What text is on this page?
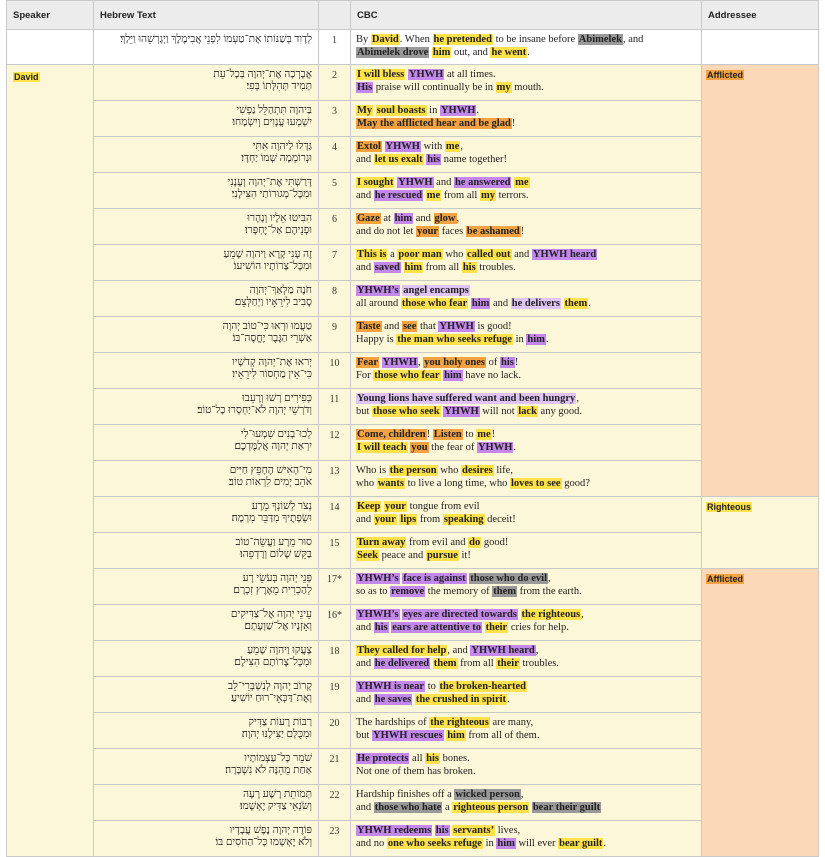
Speaker	Hebrew Text		CBC	Addressee

	לְדָוִד בְּשַׁנּוֹתוֹ אֶת־טַעְמוֹ לִפְנֵי אֲבִימֶלֶךְ וַיְגָרְשֵׁהוּ וַיֵּלַךְ׃	1	By David. When he pretended to be insane before Abimelek, and
Abimelek drove him out, and he went.	

David	אֲבָרְכָה אֶת־יְהוָה בְּכָל־עֵת
תָּמִיד תְּהִלָּתוֹ בְּפִי׃	2	I will bless YHWH at all times.
His praise will continually be in my mouth.	Afflicted

	בַּיהוָה תִּתְהַלֵּל נַפְשִׁי
יִשְׁמְעוּ עֲנָוִים וְיִשְׂמָחוּ׃	3	My soul boasts in YHWH.
May the afflicted hear and be glad!	

	גַּדְּלוּ לַיהוָה אִתִּי
וּנְרוֹמְמָה שְׁמוֹ יַחְדָּו׃	4	Extol YHWH with me,
and let us exalt his name together!	

	דָּרַשְׁתִּי אֶת־יְהוָה וְעָנָנִי
וּמִכָּל־מְגוּרוֹתַי הִצִּילָנִי׃	5	I sought YHWH and he answered me
and he rescued me from all my terrors.	

	הִבִּיטוּ אֵלָיו וְנָהָרוּ
וּפְנֵיהֶם אַל־יֶחְפָּרוּ׃	6	Gaze at him and glow,
and do not let your faces be ashamed!	

	זֶה עָנִי קָרָא וַיהוָה שָׁמֵעַ
וּמִכָּל־צָרוֹתָיו הוֹשִׁיעוֹ׃	7	This is a poor man who called out and YHWH heard
and saved him from all his troubles.	

	חֹנֶה מַלְאַךְ־יְהוָה
סָבִיב לִירֵאָיו וַיְחַלְּצֵם׃	8	YHWH’s angel encamps
all around those who fear him and he delivers them.	

	טַעֲמוּ וּרְאוּ כִּי־טוֹב יְהוָה
אַשְׁרֵי הַגֶּבֶר יֶחֱסֶה־בּוֹ׃	9	Taste and see that YHWH is good!
Happy is the man who seeks refuge in him.	

	יְראוּ אֶת־יְהוָה קְדֹשָׁיו
כִּי־אֵין מַחְסוֹר לִירֵאָיו׃	10	Fear YHWH, you holy ones of his!
For those who fear him have no lack.	

	כְּפִירִים רָשׁוּ וְרָעֵבוּ
וְדֹרְשֵׁי יְהוָה לֹא־יַחְסְרוּ כָל־טוֹב׃	11	Young lions have suffered want and been hungry,
but those who seek YHWH will not lack any good.	

	לְכוּ־בָנִים שִׁמְעוּ־לִי
יִרְאַת יְהוָה אֲלַמֶּדְכֶם׃	12	Come, children! Listen to me!
I will teach you the fear of YHWH.	

	מִי־הָאִישׁ הֶחָפֵץ חַיִּים
אֹהֵב יָמִים לִרְאוֹת טוֹב׃	13	Who is the person who desires life,
who wants to live a long time, who loves to see good?	

	נְצֹר לְשׁוֹנְךָ מֵרָע
וּשְׂפָתֶיךָ מִדַּבֵּר מִרְמָה׃	14	Keep your tongue from evil
and your lips from speaking deceit!	Righteous

	סוּר מֵרָע וַעֲשֵׂה־טוֹב
בַּקֵּשׁ שָׁלוֹם וְרָדְפֵהוּ׃	15	Turn away from evil and do good!
Seek peace and pursue it!	

	פְּנֵי יְהוָה בְּעֹשֵׂי רָע
לְהַכְרִית מֵאֶרֶץ זִכְרָם׃	17*	YHWH’s face is against those who do evil,
so as to remove the memory of them from the earth.	Afflicted

	עֵינֵי יְהוָה אֶל־צַדִּיקִים
וְאָזְנָיו אֶל־שַׁוְעָתָם׃	16*	YHWH’s eyes are directed towards the righteous,
and his ears are attentive to their cries for help.	

	צָעֲקוּ וַיהוָה שָׁמֵעַ
וּמִכָּל־צָרוֹתָם הִצִּילָם׃	18	They called for help, and YHWH heard,
and he delivered them from all their troubles.	

	קָרוֹב יְהוָה לְנִשְׁבְּרֵי־לֵב
וְאֶת־דַּכְּאֵי־רוּחַ יוֹשִׁיעַ׃	19	YHWH is near to the broken-hearted
and he saves the crushed in spirit.	

	רַבּוֹת רָעוֹת צַדִּיק
וּמִכֻּלָּם יַצִּילֶנּוּ יְהוָה׃	20	The hardships of the righteous are many,
but YHWH rescues him from all of them.	

	שֹׁמֵר כָּל־עַצְמוֹתָיו
אַחַת מֵהֵנָּה לֹא נִשְׁבָּרָה׃	21	He protects all his bones.
Not one of them has broken.	

	תְּמוֹתֵת רָשָׁע רָעָה
וְשֹׂנְאֵי צַדִּיק יֶאְשָׁמוּ׃	22	Hardship finishes off a wicked person,
and those who hate a righteous person bear their guilt	

	פּוֹדֶה יְהוָה נֶפֶשׁ עֲבָדָיו
וְלֹא יֶאְשְׁמוּ כָּל־הַחֹסִים בּוֹ׃	23	YHWH redeems his servants’ lives,
and no one who seeks refuge in him will ever bear guilt.	
